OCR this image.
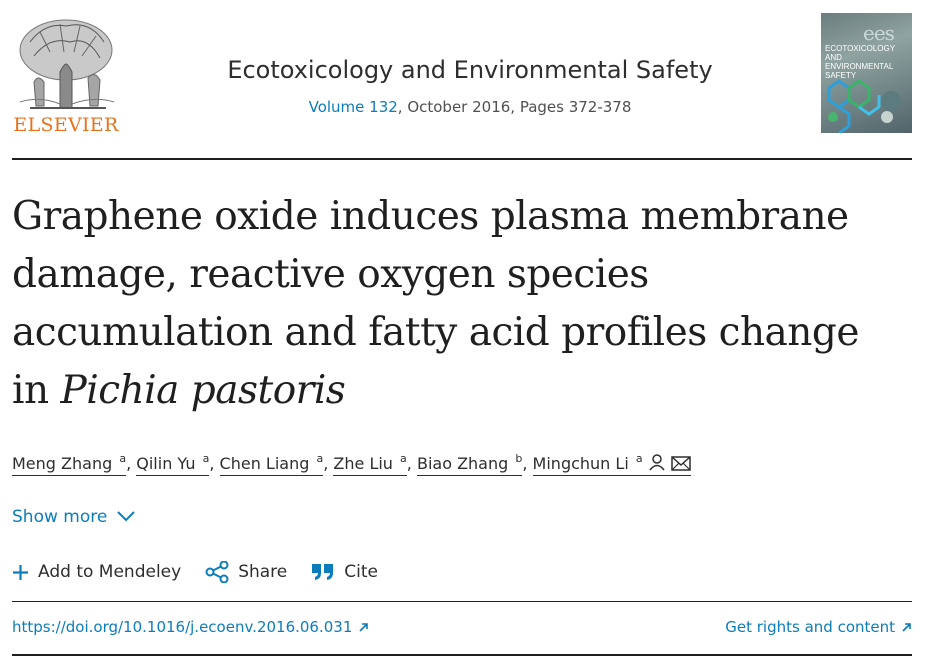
ELSEVIER
Ecotoxicology and Environmental Safety
Volume 132, October 2016, Pages 372-378
ees
ECOTOXICOLOGY AND ENVIRONMENTAL SAFETY
Graphene oxide induces plasma membrane damage, reactive oxygen species accumulation and fatty acid profiles change in Pichia pastoris
Meng Zhang $^a$, Qilin Yu $^a$, Chen Liang $^a$, Zhe Liu $^a$, Biao Zhang $^b$, Mingchun Li $^a$
Show more
Add to Mendeley	Share	Cite
https://doi.org/10.1016/j.ecoenv.2016.06.031	Get rights and content
